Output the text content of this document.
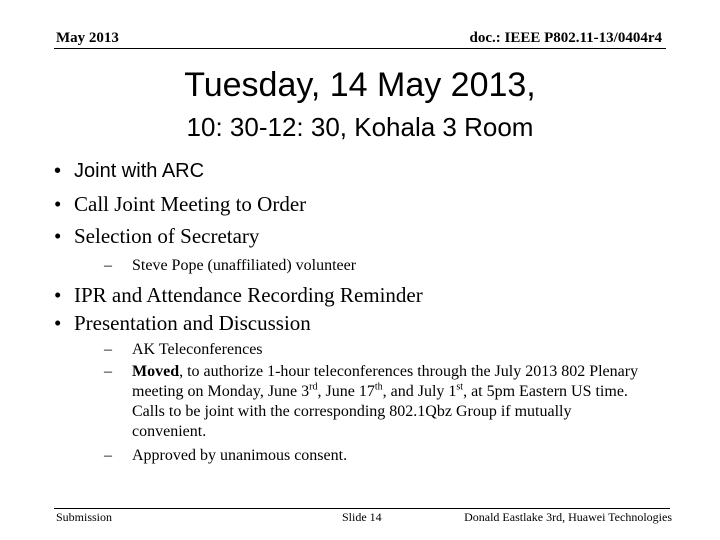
May 2013	doc.: IEEE P802.11-13/0404r4
Tuesday, 14 May 2013,
10: 30-12: 30, Kohala 3 Room
• Joint with ARC
• Call Joint Meeting to Order
• Selection of Secretary
– Steve Pope (unaffiliated) volunteer
• IPR and Attendance Recording Reminder
• Presentation and Discussion
– AK Teleconferences
– Moved, to authorize 1-hour teleconferences through the July 2013 802 Plenary meeting on Monday, June 3rd, June 17th, and July 1st, at 5pm Eastern US time. Calls to be joint with the corresponding 802.1Qbz Group if mutually convenient.
– Approved by unanimous consent.
Submission	Slide 14	Donald Eastlake 3rd, Huawei Technologies
